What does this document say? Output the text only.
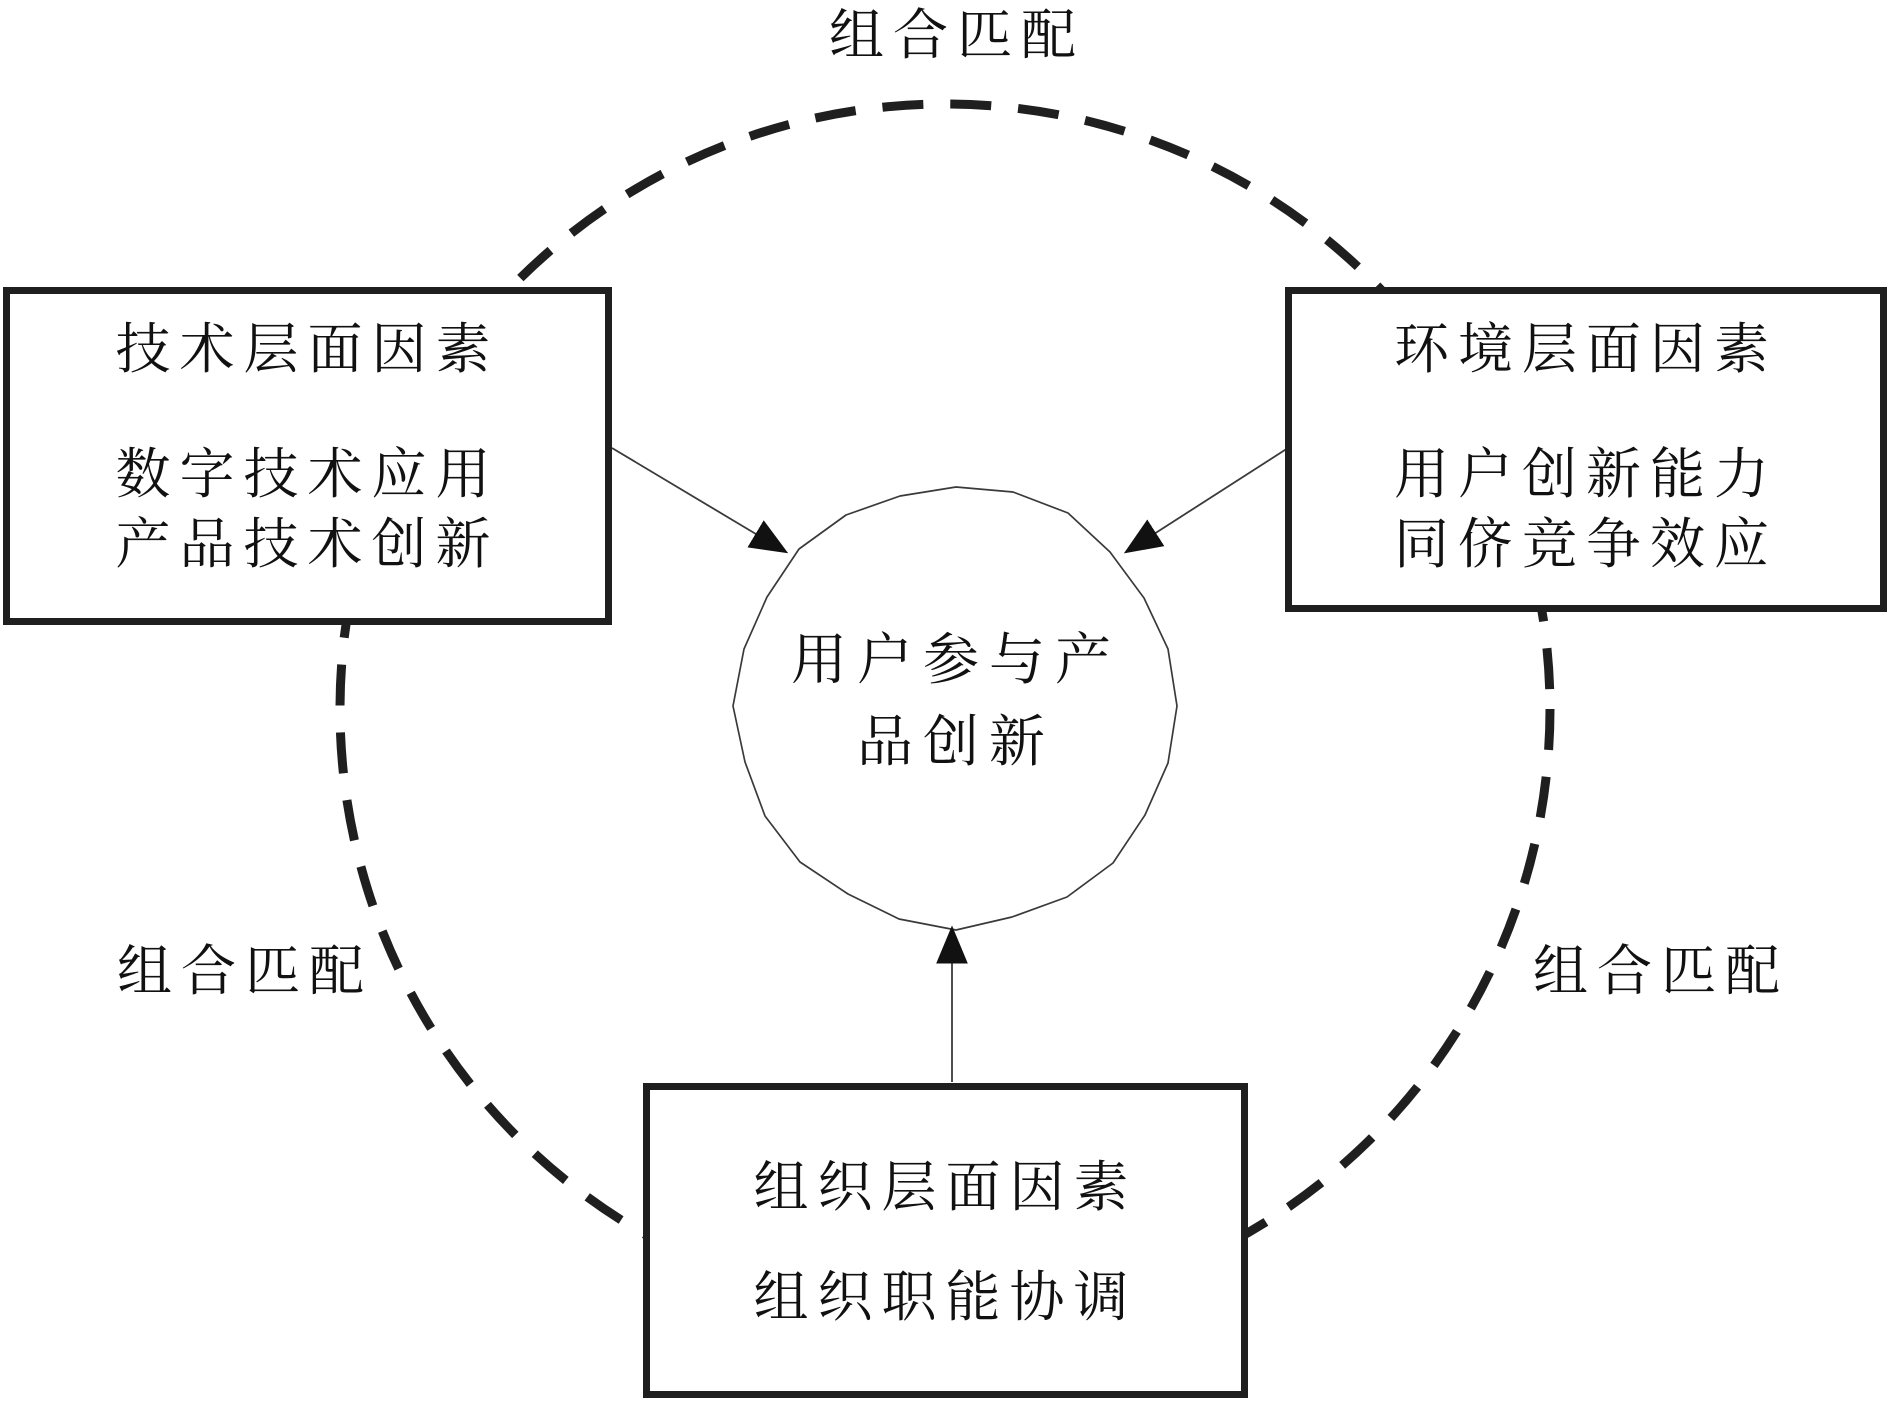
组合匹配
组合匹配	组合匹配
用户参与产
品创新
技术层面因素
数字技术应用
产品技术创新
环境层面因素
用户创新能力
同侪竞争效应
组织层面因素
组织职能协调
